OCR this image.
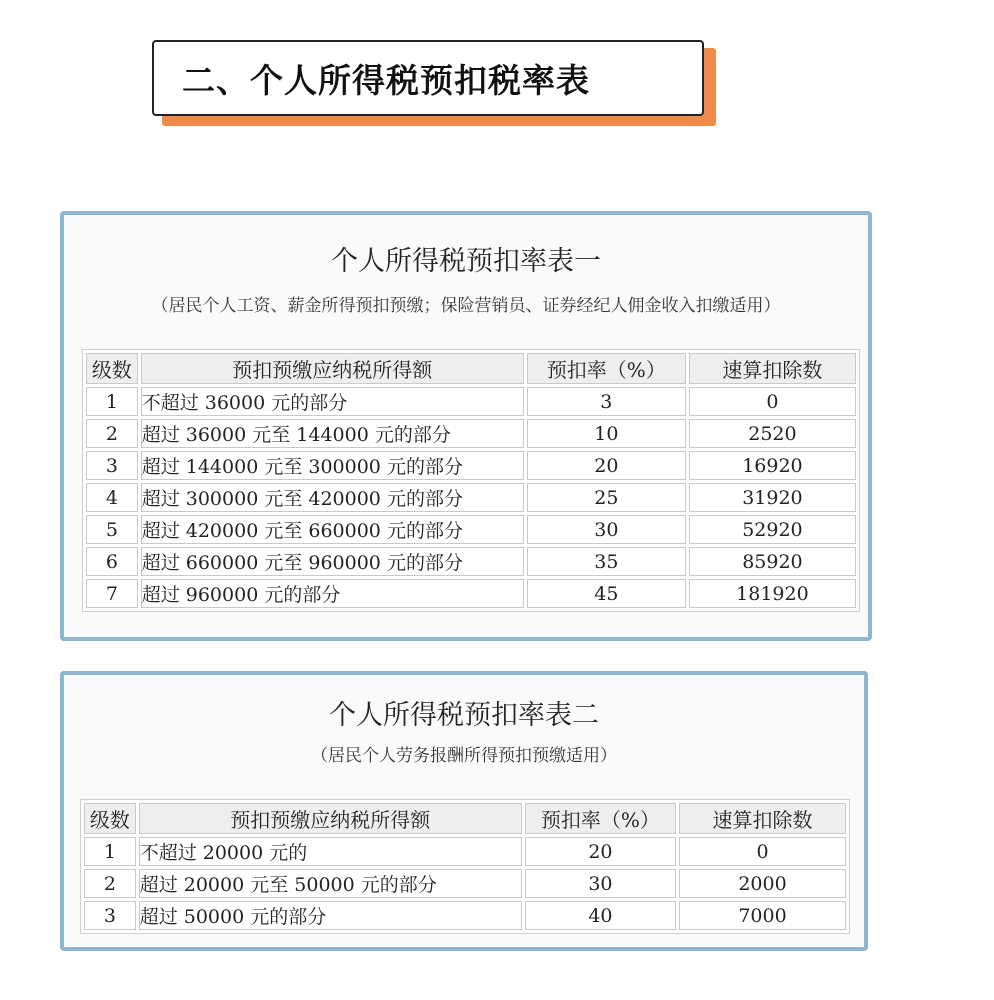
二、个人所得税预扣税率表
个人所得税预扣率表一
（居民个人工资、薪金所得预扣预缴；保险营销员、证券经纪人佣金收入扣缴适用）
级数	预扣预缴应纳税所得额	预扣率（%）	速算扣除数
1	不超过 36000 元的部分	3	0
2	超过 36000 元至 144000 元的部分	10	2520
3	超过 144000 元至 300000 元的部分	20	16920
4	超过 300000 元至 420000 元的部分	25	31920
5	超过 420000 元至 660000 元的部分	30	52920
6	超过 660000 元至 960000 元的部分	35	85920
7	超过 960000 元的部分	45	181920
个人所得税预扣率表二
（居民个人劳务报酬所得预扣预缴适用）
级数	预扣预缴应纳税所得额	预扣率（%）	速算扣除数
1	不超过 20000 元的	20	0
2	超过 20000 元至 50000 元的部分	30	2000
3	超过 50000 元的部分	40	7000
